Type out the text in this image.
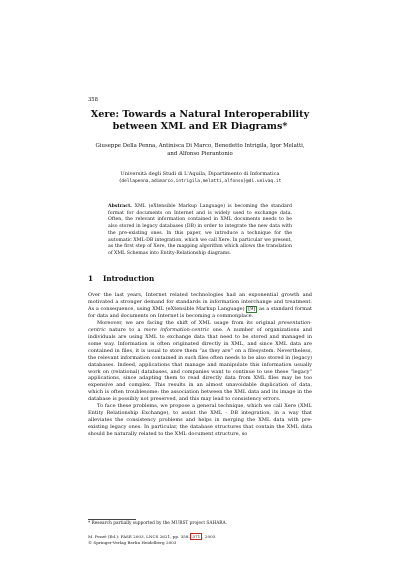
358
Xere: Towards a Natural Interoperability
between XML and ER Diagrams*
Giuseppe Della Penna, Antinisca Di Marco, Benedetto Intrigila, Igor Melatti,
and Alfonso Pierantonio
Università degli Studi di L'Aquila, Dipartimento di Informatica
{dellapenna,adimarco,intrigila,melatti,alfonso}@di.univaq.it
Abstract. XML (eXtensible Markup Language) is becoming the standard format for documents on Internet and is widely used to exchange data. Often, the relevant information contained in XML documents needs to be also stored in legacy databases (DB) in order to integrate the new data with the pre-existing ones. In this paper, we introduce a technique for the automatic XML-DB integration, which we call Xere. In particular we present, as the first step of Xere, the mapping algorithm which allows the translation of XML Schemas into Entity-Relationship diagrams.
1 Introduction

Over the last years, Internet related technologies had an exponential growth and motivated a stronger demand for standards in information interchange and treatment. As a consequence, using XML (eXtensible Markup Language) [9] as a standard format for data and documents on Internet is becoming a commonplace.

Moreover, we are facing the shift of XML usage from its original presentation-centric nature to a more information-centric one. A number of organizations and individuals are using XML to exchange data that need to be stored and managed in some way. Information is often originated directly in XML, and since XML data are contained in files, it is usual to store them “as they are” on a filesystem. Nevertheless, the relevant information contained in such files often needs to be also stored in (legacy) databases. Indeed, applications that manage and manipulate this information usually work on (relational) databases, and companies want to continue to use these “legacy” applications, since adapting them to read directly data from XML files may be too expensive and complex. This results in an almost unavoidable duplication of data, which is often troublesome: the association between the XML data and its image in the database is possibly not preserved, and this may lead to consistency errors.

To face these problems, we propose a general technique, which we call Xere (XML Entity Relationship Exchange), to assist the XML - DB integration, in a way that alleviates the consistency problems and helps in merging the XML data with pre-existing legacy ones. In particular, the database structures that contain the XML data should be naturally related to the XML document structure, so

* Research partially supported by the MURST project SAHARA.
M. Pezzè (Ed.): FASE 2003, LNCS 2621, pp. 358– 371 , 2003.
© Springer-Verlag Berlin Heidelberg 2003
